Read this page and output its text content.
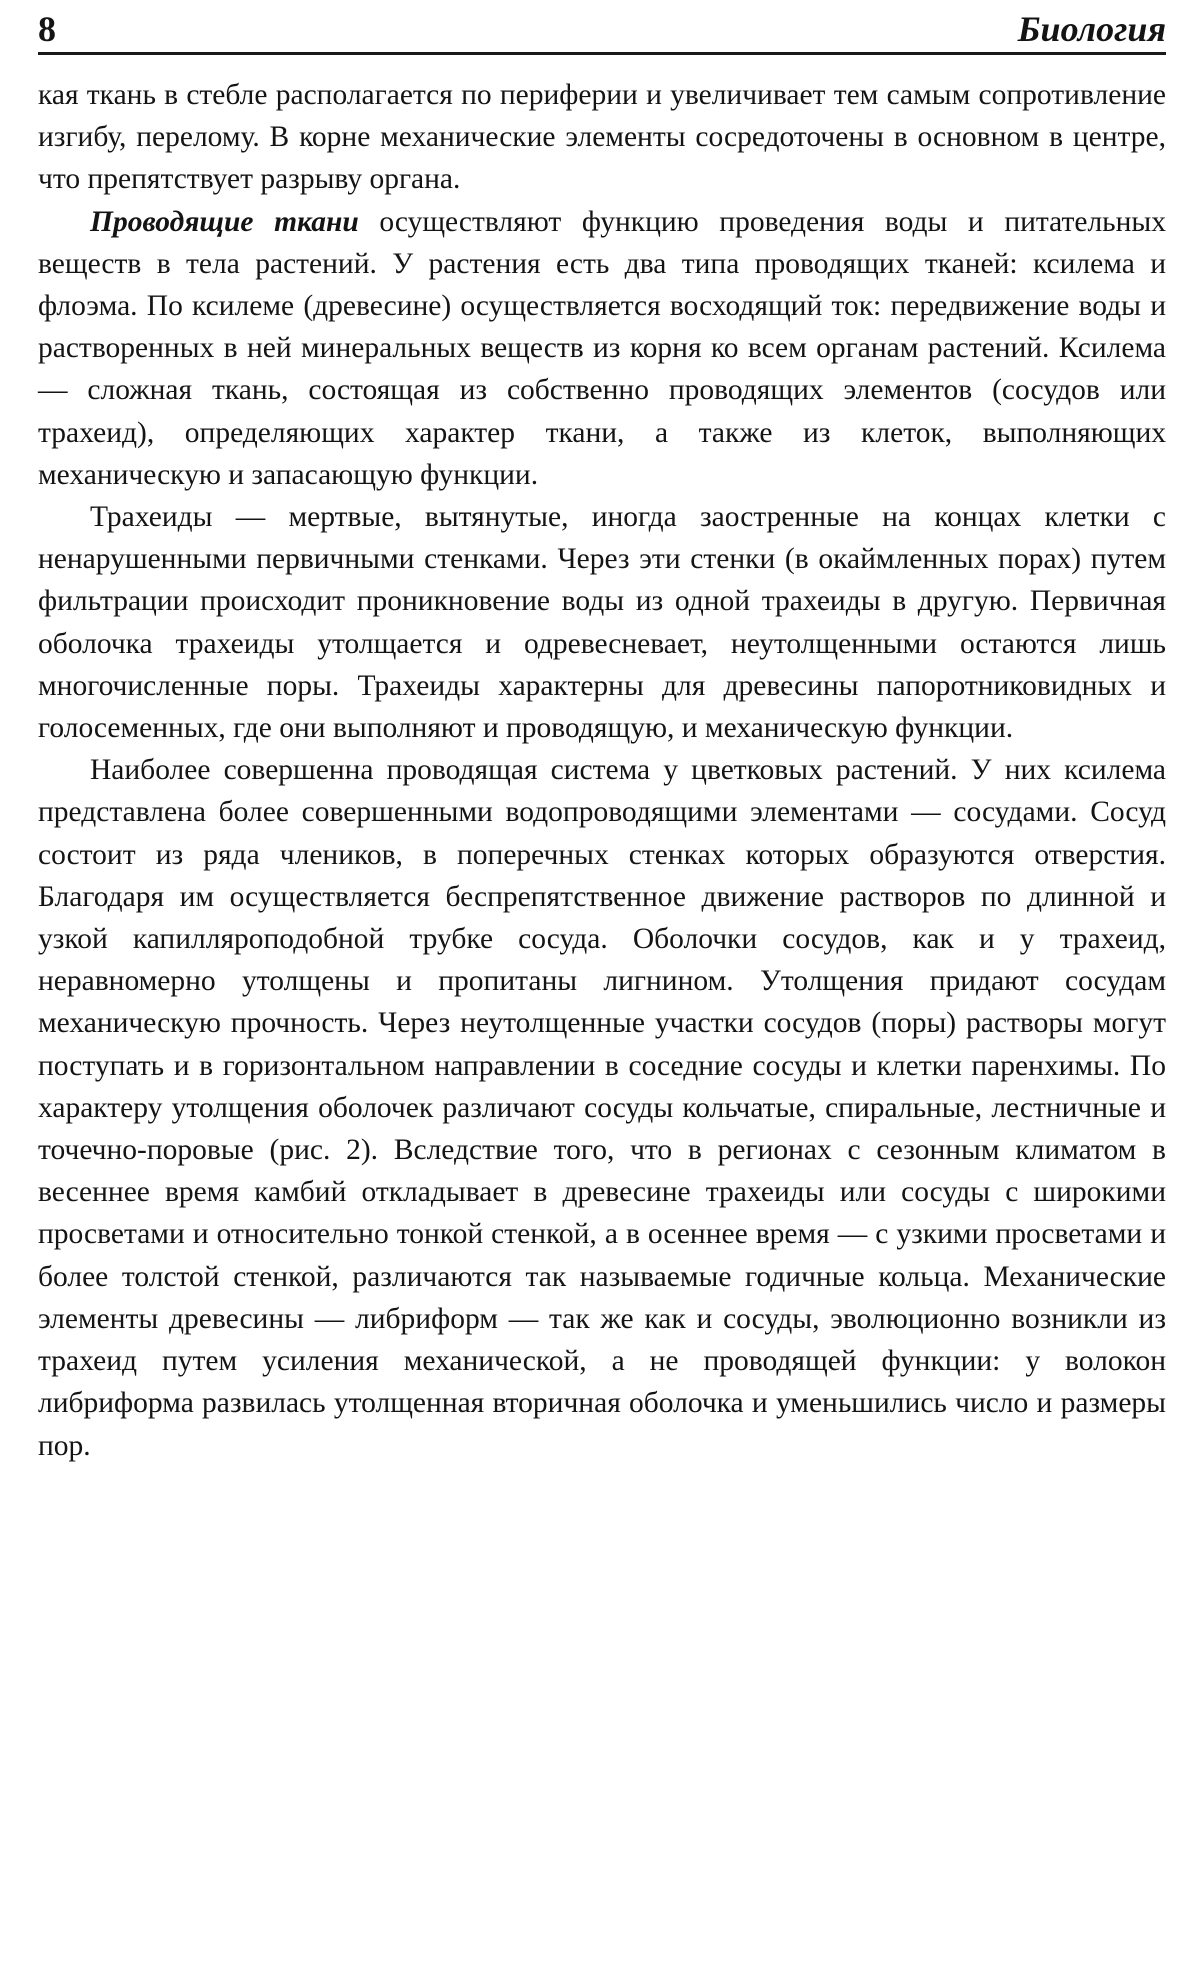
8	Биология

кая ткань в стебле располагается по периферии и увеличивает тем самым сопротивление изгибу, перелому. В корне механические элементы сосредоточены в основном в центре, что препятствует разрыву органа.

Проводящие ткани осуществляют функцию проведения воды и питательных веществ в тела растений. У растения есть два типа проводящих тканей: ксилема и флоэма. По ксилеме (древесине) осуществляется восходящий ток: передвижение воды и растворенных в ней минеральных веществ из корня ко всем органам растений. Ксилема — сложная ткань, состоящая из собственно проводящих элементов (сосудов или трахеид), определяющих характер ткани, а также из клеток, выполняющих механическую и запасающую функции.

Трахеиды — мертвые, вытянутые, иногда заостренные на концах клетки с ненарушенными первичными стенками. Через эти стенки (в окаймленных порах) путем фильтрации происходит проникновение воды из одной трахеиды в другую. Первичная оболочка трахеиды утолщается и одревесневает, неутолщенными остаются лишь многочисленные поры. Трахеиды характерны для древесины папоротниковидных и голосеменных, где они выполняют и проводящую, и механическую функции.

Наиболее совершенна проводящая система у цветковых растений. У них ксилема представлена более совершенными водопроводящими элементами — сосудами. Сосуд состоит из ряда члеников, в поперечных стенках которых образуются отверстия. Благодаря им осуществляется беспрепятственное движение растворов по длинной и узкой капилляроподобной трубке сосуда. Оболочки сосудов, как и у трахеид, неравномерно утолщены и пропитаны лигнином. Утолщения придают сосудам механическую прочность. Через неутолщенные участки сосудов (поры) растворы могут поступать и в горизонтальном направлении в соседние сосуды и клетки паренхимы. По характеру утолщения оболочек различают сосуды кольчатые, спиральные, лестничные и точечно-поровые (рис. 2). Вследствие того, что в регионах с сезонным климатом в весеннее время камбий откладывает в древесине трахеиды или сосуды с широкими просветами и относительно тонкой стенкой, а в осеннее время — с узкими просветами и более толстой стенкой, различаются так называемые годичные кольца. Механические элементы древесины — либриформ — так же как и сосуды, эволюционно возникли из трахеид путем усиления механической, а не проводящей функции: у волокон либриформа развилась утолщенная вторичная оболочка и уменьшились число и размеры пор.
